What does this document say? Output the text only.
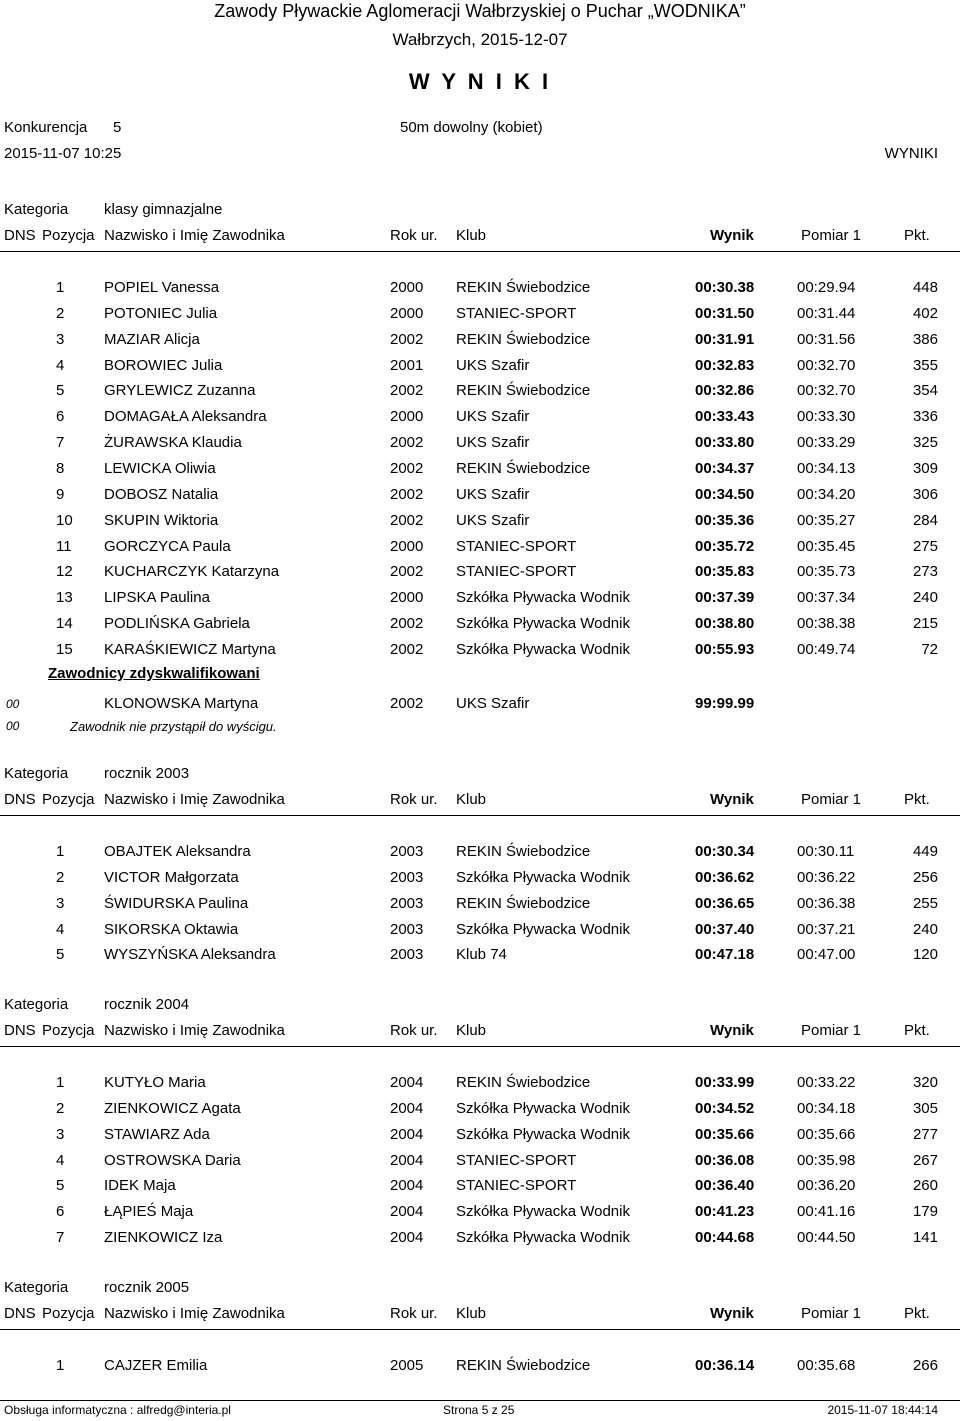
Zawody Pływackie Aglomeracji Wałbrzyskiej o Puchar „WODNIKA”
Wałbrzych, 2015-12-07
W Y N I K I
Konkurencja 5	50m dowolny (kobiet)
2015-11-07 10:25	WYNIKI
Kategoria klasy gimnazjalne
DNS Pozycja Nazwisko i Imię Zawodnika	Rok ur. Klub	Wynik	Pomiar 1	Pkt.
1	POPIEL Vanessa	2000 REKIN Świebodzice	00:30.38	00:29.94	448
2	POTONIEC Julia	2000 STANIEC-SPORT	00:31.50	00:31.44	402
3	MAZIAR Alicja	2002 REKIN Świebodzice	00:31.91	00:31.56	386
4	BOROWIEC Julia	2001 UKS Szafir	00:32.83	00:32.70	355
5	GRYLEWICZ Zuzanna	2002 REKIN Świebodzice	00:32.86	00:32.70	354
6	DOMAGAŁA Aleksandra	2000 UKS Szafir	00:33.43	00:33.30	336
7	ŻURAWSKA Klaudia	2002 UKS Szafir	00:33.80	00:33.29	325
8	LEWICKA Oliwia	2002 REKIN Świebodzice	00:34.37	00:34.13	309
9	DOBOSZ Natalia	2002 UKS Szafir	00:34.50	00:34.20	306
10	SKUPIN Wiktoria	2002 UKS Szafir	00:35.36	00:35.27	284
11	GORCZYCA Paula	2000 STANIEC-SPORT	00:35.72	00:35.45	275
12	KUCHARCZYK Katarzyna	2002 STANIEC-SPORT	00:35.83	00:35.73	273
13	LIPSKA Paulina	2000 Szkółka Pływacka Wodnik	00:37.39	00:37.34	240
14	PODLIŃSKA Gabriela	2002 Szkółka Pływacka Wodnik	00:38.80	00:38.38	215
15	KARAŚKIEWICZ Martyna	2002 Szkółka Pływacka Wodnik	00:55.93	00:49.74	72
Zawodnicy zdyskwalifikowani
00	KLONOWSKA Martyna	2002 UKS Szafir	99:99.99
00	Zawodnik nie przystąpił do wyścigu.
Kategoria rocznik 2003
DNS Pozycja Nazwisko i Imię Zawodnika	Rok ur. Klub	Wynik	Pomiar 1	Pkt.
1	OBAJTEK Aleksandra	2003 REKIN Świebodzice	00:30.34	00:30.11	449
2	VICTOR Małgorzata	2003 Szkółka Pływacka Wodnik	00:36.62	00:36.22	256
3	ŚWIDURSKA Paulina	2003 REKIN Świebodzice	00:36.65	00:36.38	255
4	SIKORSKA Oktawia	2003 Szkółka Pływacka Wodnik	00:37.40	00:37.21	240
5	WYSZYŃSKA Aleksandra	2003 Klub 74	00:47.18	00:47.00	120
Kategoria rocznik 2004
DNS Pozycja Nazwisko i Imię Zawodnika	Rok ur. Klub	Wynik	Pomiar 1	Pkt.
1	KUTYŁO Maria	2004 REKIN Świebodzice	00:33.99	00:33.22	320
2	ZIENKOWICZ Agata	2004 Szkółka Pływacka Wodnik	00:34.52	00:34.18	305
3	STAWIARZ Ada	2004 Szkółka Pływacka Wodnik	00:35.66	00:35.66	277
4	OSTROWSKA Daria	2004 STANIEC-SPORT	00:36.08	00:35.98	267
5	IDEK Maja	2004 STANIEC-SPORT	00:36.40	00:36.20	260
6	ŁĄPIEŚ Maja	2004 Szkółka Pływacka Wodnik	00:41.23	00:41.16	179
7	ZIENKOWICZ Iza	2004 Szkółka Pływacka Wodnik	00:44.68	00:44.50	141
Kategoria rocznik 2005
DNS Pozycja Nazwisko i Imię Zawodnika	Rok ur. Klub	Wynik	Pomiar 1	Pkt.
1	CAJZER Emilia	2005 REKIN Świebodzice	00:36.14	00:35.68	266
Obsługa informatyczna : alfredg@interia.pl	Strona 5 z 25	2015-11-07 18:44:14
